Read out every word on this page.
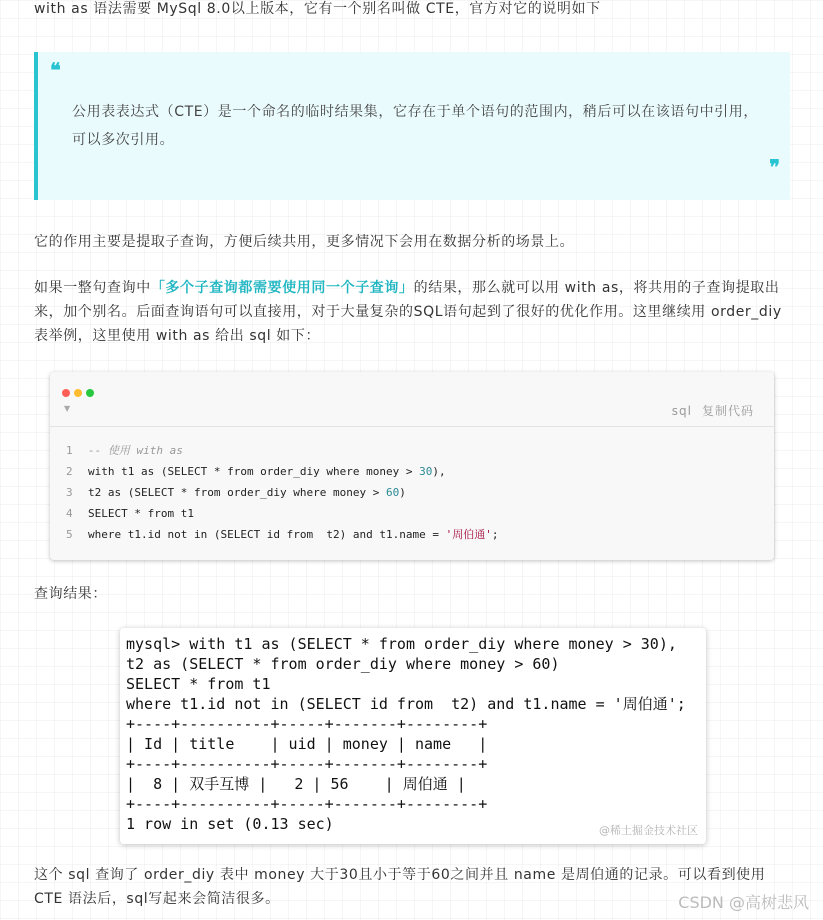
with as 语法需要 MySql 8.0以上版本，它有一个别名叫做 CTE，官方对它的说明如下

❝
公用表表达式（CTE）是一个命名的临时结果集，它存在于单个语句的范围内，稍后可以在该语句中引用，可以多次引用。
❞

它的作用主要是提取子查询，方便后续共用，更多情况下会用在数据分析的场景上。

如果一整句查询中「多个子查询都需要使用同一个子查询」的结果，那么就可以用 with as，将共用的子查询提取出来，加个别名。后面查询语句可以直接用，对于大量复杂的SQL语句起到了很好的优化作用。这里继续用 order_diy 表举例，这里使用 with as 给出 sql 如下：

▼	sql 复制代码
1 -- 使用 with as
2 with t1 as (SELECT * from order_diy where money > 30),
3 t2 as (SELECT * from order_diy where money > 60)
4 SELECT * from t1
5 where t1.id not in (SELECT id from  t2) and t1.name = '周伯通';

查询结果：

mysql> with t1 as (SELECT * from order_diy where money > 30),
t2 as (SELECT * from order_diy where money > 60)
SELECT * from t1
where t1.id not in (SELECT id from  t2) and t1.name = '周伯通';
+----+----------+-----+-------+--------+
| Id | title    | uid | money | name   |
+----+----------+-----+-------+--------+
|  8 | 双手互博 |   2 | 56    | 周伯通 |
+----+----------+-----+-------+--------+
1 row in set (0.13 sec)	@稀土掘金技术社区

这个 sql 查询了 order_diy 表中 money 大于30且小于等于60之间并且 name 是周伯通的记录。可以看到使用 CTE 语法后，sql写起来会简洁很多。	CSDN @高树悲风
